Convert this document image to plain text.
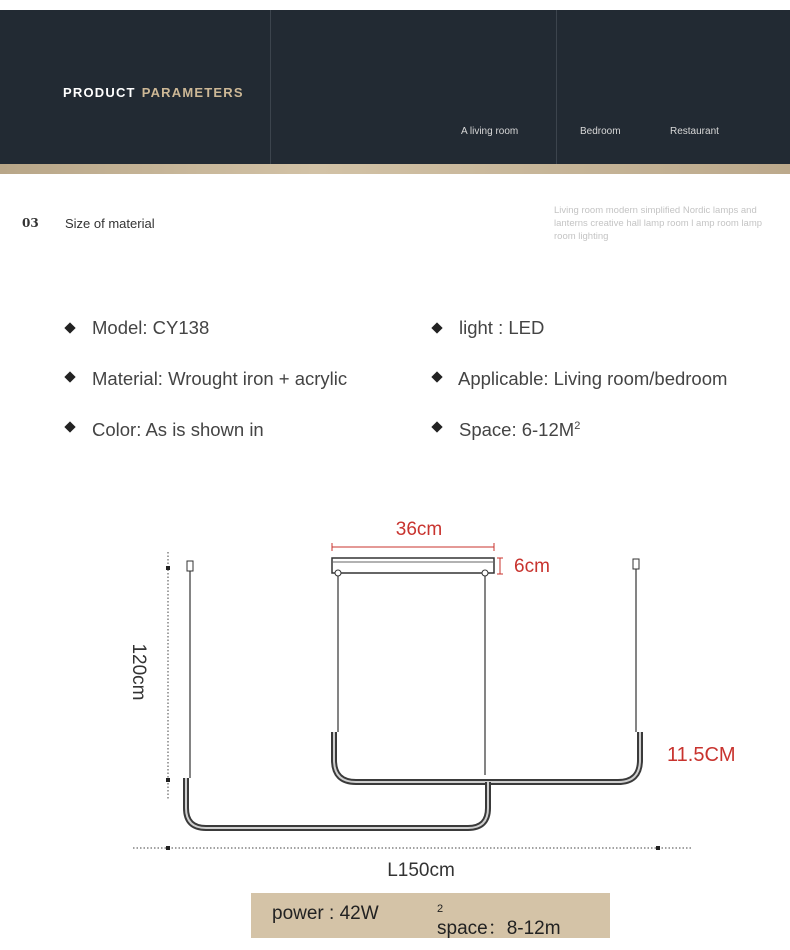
PRODUCT PARAMETERS
A living room	Bedroom	Restaurant
03 Size of material
Living room modern simplified Nordic lamps and lanterns creative hall lamp room l amp room lamp room lighting
Model: CY138	light : LED
Material: Wrought iron + acrylic	Applicable: Living room/bedroom
Color: As is shown in	Space: $6-12M^2$
36cm
6cm
120cm
11.5CM
L150cm
power : 42W
space：8-12m
$^2$
